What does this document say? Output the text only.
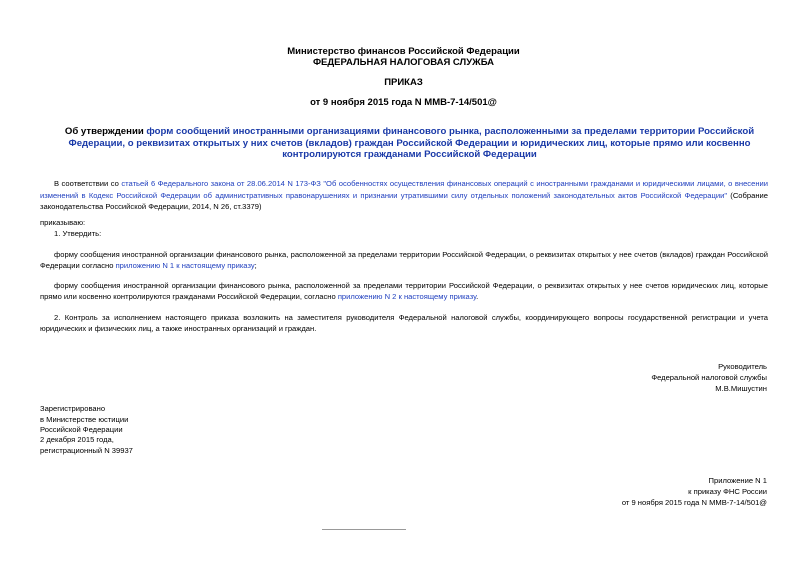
Министерство финансов Российской Федерации
ФЕДЕРАЛЬНАЯ НАЛОГОВАЯ СЛУЖБА
ПРИКАЗ
от 9 ноября 2015 года N ММВ-7-14/501@
Об утверждении форм сообщений иностранными организациями финансового рынка, расположенными за пределами территории Российской Федерации, о реквизитах открытых у них счетов (вкладов) граждан Российской Федерации и юридических лиц, которые прямо или косвенно контролируются гражданами Российской Федерации
В соответствии со статьей 6 Федерального закона от 28.06.2014 N 173-ФЗ "Об особенностях осуществления финансовых операций с иностранными гражданами и юридическими лицами, о внесении изменений в Кодекс Российской Федерации об административных правонарушениях и признании утратившими силу отдельных положений законодательных актов Российской Федерации" (Собрание законодательства Российской Федерации, 2014, N 26, ст.3379)
приказываю:
1. Утвердить:
форму сообщения иностранной организации финансового рынка, расположенной за пределами территории Российской Федерации, о реквизитах открытых у нее счетов (вкладов) граждан Российской Федерации согласно приложению N 1 к настоящему приказу;
форму сообщения иностранной организации финансового рынка, расположенной за пределами территории Российской Федерации, о реквизитах открытых у нее счетов юридических лиц, которые прямо или косвенно контролируются гражданами Российской Федерации, согласно приложению N 2 к настоящему приказу.
2. Контроль за исполнением настоящего приказа возложить на заместителя руководителя Федеральной налоговой службы, координирующего вопросы государственной регистрации и учета юридических и физических лиц, а также иностранных организаций и граждан.
Руководитель
Федеральной налоговой службы
М.В.Мишустин
Зарегистрировано
в Министерстве юстиции
Российской Федерации
2 декабря 2015 года,
регистрационный N 39937
Приложение N 1
к приказу ФНС России
от 9 ноября 2015 года N ММВ-7-14/501@
